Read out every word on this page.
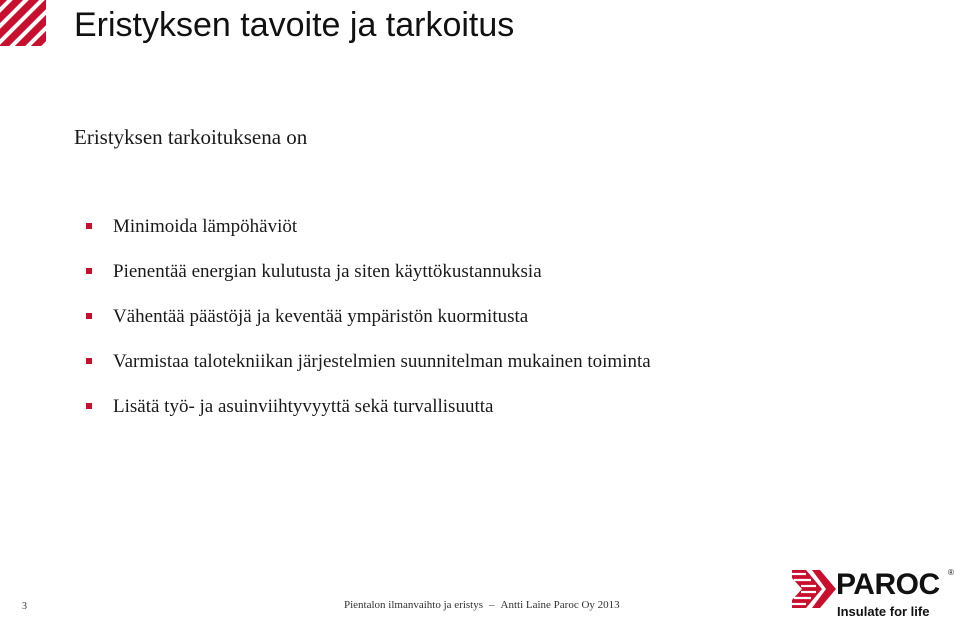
Eristyksen tavoite ja tarkoitus
Eristyksen tarkoituksena on
Minimoida lämpöhäviöt
Pienentää energian kulutusta ja siten käyttökustannuksia
Vähentää päästöjä ja keventää ympäristön kuormitusta
Varmistaa talotekniikan järjestelmien suunnitelman mukainen toiminta
Lisätä työ- ja asuinviihtyvyyttä sekä turvallisuutta
3	Pientalon ilmanvaihto ja eristys – Antti Laine Paroc Oy 2013
PAROC ®
Insulate for life
